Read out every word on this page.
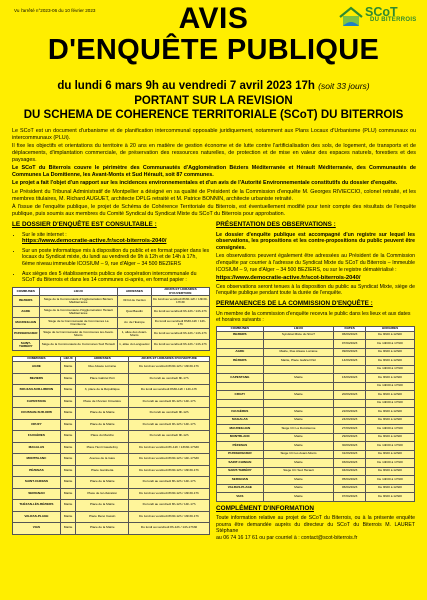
Vu l'arrêté n°2023-06 du 10 février 2023	SCoT
DU BITERROIS
AVIS
D'ENQUÊTE PUBLIQUE
du lundi 6 mars 9h au vendredi 7 avril 2023 17h (soit 33 jours)
PORTANT SUR LA REVISION
DU SCHEMA DE COHERENCE TERRITORIALE (SCoT) DU BITERROIS
Le SCoT est un document d'urbanisme et de planification intercommunal opposable juridiquement, notamment aux Plans Locaux d'Urbanisme (PLU) communaux ou intercommunaux (PLUi).
Il fixe les objectifs et orientations du territoire à 20 ans en matière de gestion économe et de lutte contre l'artificialisation des sols, de logement, de transports et de déplacements, d'implantation commerciale, de préservation des ressources naturelles, de protection et de mise en valeur des espaces naturels, forestiers et des paysages.
Le SCoT du Biterrois couvre le périmètre des Communautés d'Agglomération Béziers Méditerranée et Hérault Méditerranée, des Communautés de Communes La Domitienne, les Avant-Monts et Sud Hérault, soit 87 communes.
Le projet a fait l'objet d'un rapport sur les incidences environnementales et d'un avis de l'Autorité Environnementale constitutifs du dossier d'enquête.
Le Président du Tribunal Administratif de Montpellier a désigné en sa qualité de Président de la Commission d'enquête M. Georges RIVIECCIO, colonel retraité, et les membres titulaires, M. Richard AUGUET, architecte DPLG retraité et M. Patrice BONNIN, architecte urbaniste retraité.
À l'issue de l'enquête publique, le projet de Schéma de Cohérence Territoriale du Biterrois, est éventuellement modifié pour tenir compte des résultats de l'enquête publique, puis soumis aux membres du Comité Syndical du Syndicat Mixte du SCoT du Biterrois pour approbation.
LE DOSSIER D'ENQUÊTE EST CONSULTABLE :
• Sur le site internet :
https://www.democratie-active.fr/scot-biterrois-2040/
• Sur un poste informatique mis à disposition du public et en format papier dans les locaux du Syndicat mixte, du lundi au vendredi de 9h à 12h et de 14h à 17h, 6ème niveau immeuble ICOSIUM – 9, rue d'Alger – 34 500 BEZIERS
• Aux sièges des 5 établissements publics de coopération intercommunale du SCoT du Biterrois et dans les 14 communes ci-après, en format papier :
COMMUNES	LIEUX	ADRESSES	JOURS ET HORAIRES D'OUVERTURE
BEZIERS	Siège de la Communauté d'Agglomération Béziers Méditerranée	39 bd de Verdun	Du lundi au vendredi 8h30-12h / 13h30-17h30
AGDE	Siège de la Communauté d'Agglomération Hérault Méditerranée	Quai Baudin	Du lundi au vendredi 9h-12h / 14h-17h
MAUREILHAN	Siège de la Communauté de Communes La Domitienne	Av. de l'Europe	Du lundi au vendredi 8h30-12h / 14h-17h
PUISSERGUIER	Siège de la Communauté de Communes les Avant-Monts	1, allée des Avant-Monts	Du lundi au vendredi 9h-12h / 14h-17h
SAINT-THIBÉRY	Siège de la Communauté de Communes Sud Hérault	1, allée du Languedoc	Du lundi au vendredi 9h-12h / 14h-17h
COMMUNES	LIEUX	ADRESSES	JOURS ET HORAIRES D'OUVERTURE
AGDE	Mairie	Rue Alsace Lorraine	Du lundi au vendredi 8h30-12h / 13h30-17h
BEZIERS	Mairie	Place Gabriel Péri	Du lundi au vendredi 8h-17h
BOUJAN-SUR-LIBRON	Mairie	3, place de la République	Du lundi au vendredi 8h30-12h / 14h-17h
CAPESTANG	Mairie	Place de l'Ancien Cimetière	Du lundi au vendredi 9h-12h / 14h-17h
COUSSAN-SUR-ORB	Mairie	Place de la Mairie	Du lundi au vendredi 9h-12h
CRUZY	Mairie	Place de la Mairie	Du lundi au vendredi 9h-12h / 14h-17h
FAUGÈRES	Mairie	Place du Marché	Du lundi au vendredi 9h-12h
MAGALAS	Mairie	Place Henri Gaudefroy	Du lundi au vendredi 8h-12h / 13h30-17h30
MONTBLANC	Mairie	Avenue de la Gare	Du lundi au vendredi 8h30-12h / 14h-17h30
PÉZENAS	Mairie	Place Gambetta	Du lundi au vendredi 8h30-12h / 13h30-17h
SAINT-CHINIAN	Mairie	Place de la Mairie	Du lundi au vendredi 8h-12h / 14h-17h
SERIGNAN	Mairie	Place de la Libération	Du lundi au vendredi 8h30-12h / 13h30-17h
THÉZAN-LÈS-BÉZIERS	Mairie	Place de la Mairie	Du lundi au vendredi 8h-12h / 14h-17h
VALRAS-PLAGE	Mairie	Place René Cassin	Du lundi au vendredi 8h30-12h / 13h30-17h
VIAS	Mairie	Place de la Mairie	Du lundi au vendredi 8h-12h / 14h-17h30
PRÉSENTATION DES OBSERVATIONS :
Le dossier d'enquête publique est accompagné d'un registre sur lequel les observations, les propositions et les contre-propositions du public peuvent être consignées.
Les observations peuvent également être adressées au Président de la Commission d'enquête par courrier à l'adresse du Syndicat Mixte du SCoT du Biterrois – Immeuble ICOSIUM – 9, rue d'Alger – 34 500 BEZIERS, ou sur le registre dématérialisé :
https://www.democratie-active.fr/scot-biterrois-2040/
Ces observations seront tenues à la disposition du public au Syndicat Mixte, siège de l'enquête publique pendant toute la durée de l'enquête.
PERMANENCES DE LA COMMISSION D'ENQUÊTE :
Un membre de la commission d'enquête recevra le public dans les lieux et aux dates et horaires suivants :
COMMUNES	LIEUX	DATES	HORAIRES
BEZIERS	Syndicat Mixte du SCoT	06/03/2023	De 9h00 à 12h00
		07/04/2023	De 14h00 à 17h00
AGDE	Mairie, Rue Alsace Lorraine	09/03/2023	De 9h00 à 12h00
BÉZIERS	Mairie, Place Gabriel Péri	14/03/2023	De 9h00 à 12h00
			De 14h00 à 17h00
CAPESTANG	Mairie	16/03/2023	De 9h00 à 12h00
			De 14h00 à 17h00
CRUZY	Mairie	20/03/2023	De 9h00 à 12h00
			De 14h00 à 17h00
FAUGÈRES	Mairie	22/03/2023	De 9h00 à 12h00
MAGALAS	Mairie	24/03/2023	De 9h00 à 12h00
MAUREILHAN	Siège CC La Domitienne	27/03/2023	De 14h00 à 17h00
MONTBLANC	Mairie	29/03/2023	De 9h00 à 12h00
PÉZENAS	Mairie	30/03/2023	De 14h00 à 17h00
PUISSERGUIER	Siège CC les Avant-Monts	31/03/2023	De 9h00 à 12h00
SAINT-CHINIAN	Mairie	03/04/2023	De 14h00 à 17h00
SAINT-THIBÉRY	Siège CC Sud Hérault	04/04/2023	De 9h00 à 12h00
SERIGNAN	Mairie	05/04/2023	De 14h00 à 17h00
VALRAS-PLAGE	Mairie	06/04/2023	De 9h00 à 12h00
VIAS	Mairie	07/04/2023	De 9h00 à 12h00
COMPLÉMENT D'INFORMATION
Toute information relative au projet de SCoT du Biterrois, ou à la présente enquête pourra être demandée auprès du directeur du SCoT du Biterrois M. LAURET Stéphane
au 06 74 16 17 61 ou par courriel à : contact@scot-biterrois.fr
